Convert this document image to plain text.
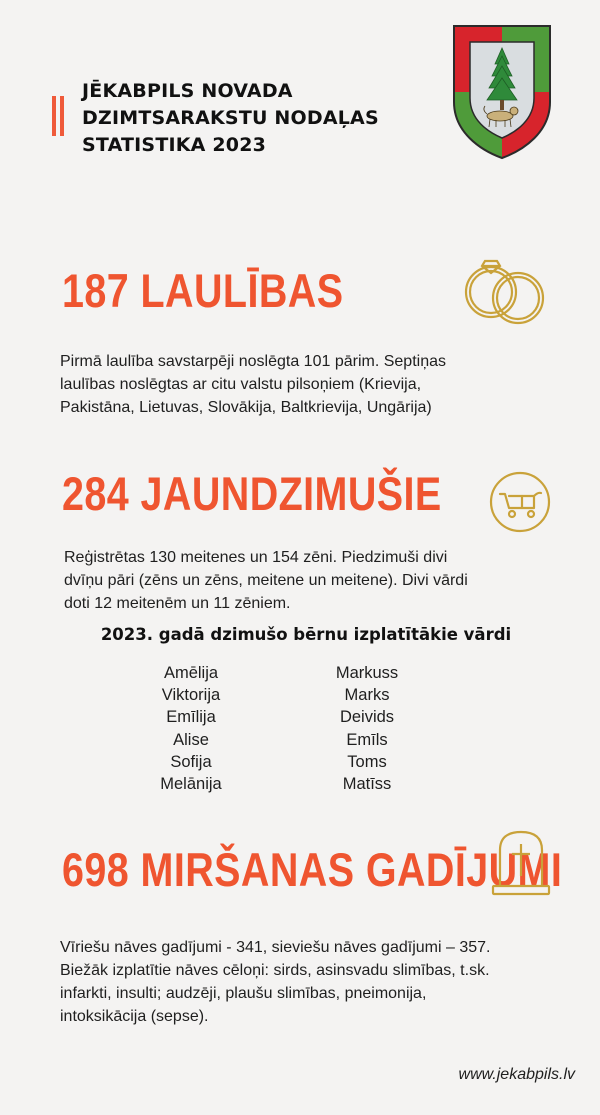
JĒKABPILS NOVADA
DZIMTSARAKSTU NODAĻAS
STATISTIKA 2023
187 LAULĪBAS
Pirmā laulība savstarpēji noslēgta 101 pārim. Septiņas
laulības noslēgtas ar citu valstu pilsoņiem (Krievija,
Pakistāna, Lietuvas, Slovākija, Baltkrievija, Ungārija)
284 JAUNDZIMUŠIE
Reģistrētas 130 meitenes un 154 zēni. Piedzimuši divi
dvīņu pāri (zēns un zēns, meitene un meitene). Divi vārdi
doti 12 meitenēm un 11 zēniem.
2023. gadā dzimušo bērnu izplatītākie vārdi
Amēlija
Viktorija
Emīlija
Alise
Sofija
Melānija
Markuss
Marks
Deivids
Emīls
Toms
Matīss
698 MIRŠANAS GADĪJUMI
Vīriešu nāves gadījumi - 341, sieviešu nāves gadījumi – 357.
Biežāk izplatītie nāves cēloņi: sirds, asinsvadu slimības, t.sk.
infarkti, insulti; audzēji, plaušu slimības, pneimonija,
intoksikācija (sepse).
www.jekabpils.lv
